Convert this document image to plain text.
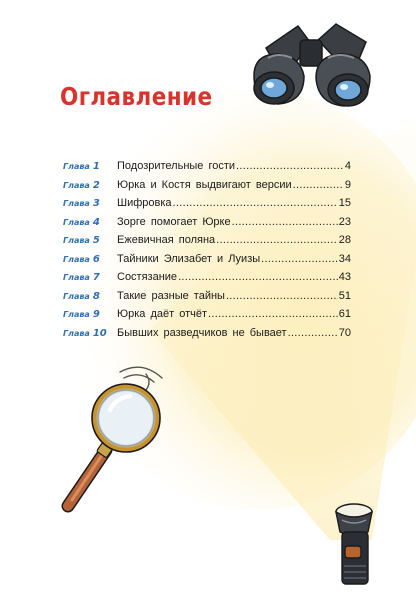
Оглавление
Глава 1	Подозрительные гости .....	4
Глава 2	Юрка и Костя выдвигают версии .....	9
Глава 3	Шифровка .....	15
Глава 4	Зорге помогает Юрке .....	23
Глава 5	Ежевичная поляна .....	28
Глава 6	Тайники Элизабет и Луизы .....	34
Глава 7	Состязание .....	43
Глава 8	Такие разные тайны .....	51
Глава 9	Юрка даёт отчёт .....	61
Глава 10 Бывших разведчиков не бывает .....	70
